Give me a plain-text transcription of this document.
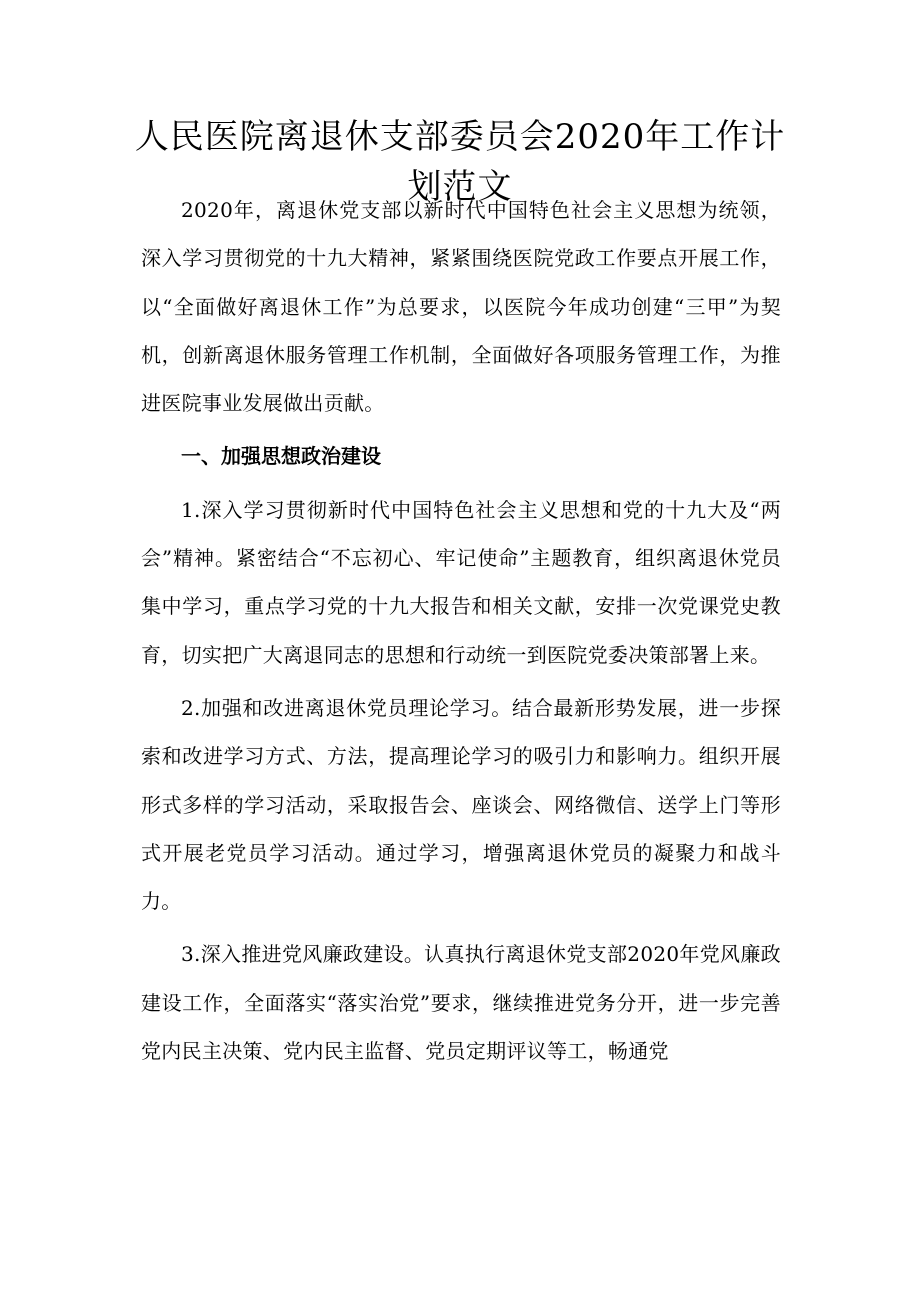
人民医院离退休支部委员会2020年工作计划范文

2020年，离退休党支部以新时代中国特色社会主义思想为统领，深入学习贯彻党的十九大精神，紧紧围绕医院党政工作要点开展工作，以“全面做好离退休工作”为总要求，以医院今年成功创建“三甲”为契机，创新离退休服务管理工作机制，全面做好各项服务管理工作，为推进医院事业发展做出贡献。

一、加强思想政治建设

1.深入学习贯彻新时代中国特色社会主义思想和党的十九大及“两会”精神。紧密结合“不忘初心、牢记使命”主题教育，组织离退休党员集中学习，重点学习党的十九大报告和相关文献，安排一次党课党史教育，切实把广大离退同志的思想和行动统一到医院党委决策部署上来。

2.加强和改进离退休党员理论学习。结合最新形势发展，进一步探索和改进学习方式、方法，提高理论学习的吸引力和影响力。组织开展形式多样的学习活动，采取报告会、座谈会、网络微信、送学上门等形式开展老党员学习活动。通过学习，增强离退休党员的凝聚力和战斗力。

3.深入推进党风廉政建设。认真执行离退休党支部2020年党风廉政建设工作，全面落实“落实治党”要求，继续推进党务分开，进一步完善党内民主决策、党内民主监督、党员定期评议等工，畅通党
